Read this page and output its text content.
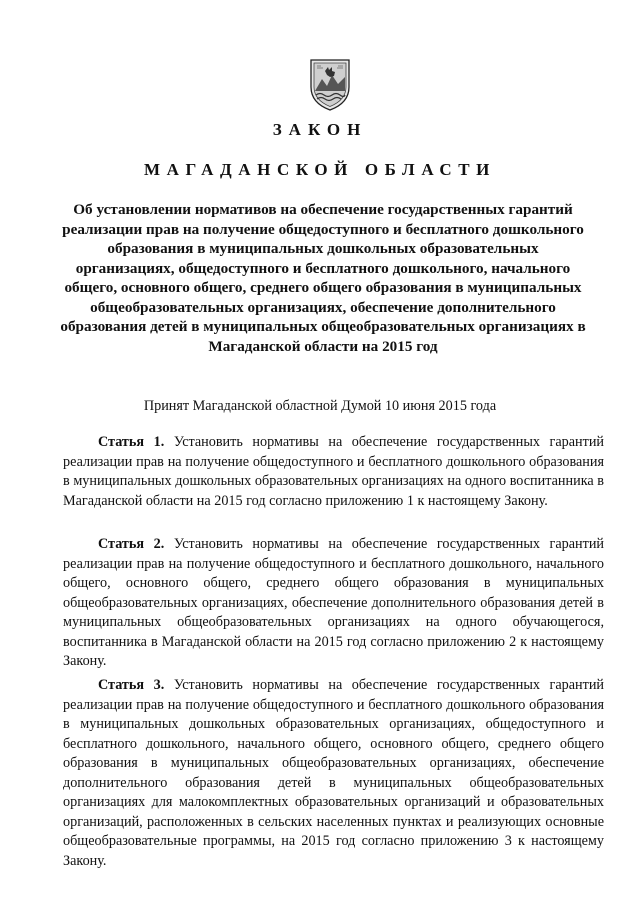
ЗАКОН
МАГАДАНСКОЙ ОБЛАСТИ
Об установлении нормативов на обеспечение государственных гарантий реализации прав на получение общедоступного и бесплатного дошкольного образования в муниципальных дошкольных образовательных организациях, общедоступного и бесплатного дошкольного, начального общего, основного общего, среднего общего образования в муниципальных общеобразовательных организациях, обеспечение дополнительного образования детей в муниципальных общеобразовательных организациях в Магаданской области на 2015 год
Принят Магаданской областной Думой 10 июня 2015 года

Статья 1. Установить нормативы на обеспечение государственных гарантий реализации прав на получение общедоступного и бесплатного дошкольного образования в муниципальных дошкольных образовательных организациях на одного воспитанника в Магаданской области на 2015 год согласно приложению 1 к настоящему Закону.

Статья 2. Установить нормативы на обеспечение государственных гарантий реализации прав на получение общедоступного и бесплатного дошкольного, начального общего, основного общего, среднего общего образования в муниципальных общеобразовательных организациях, обеспечение дополнительного образования детей в муниципальных общеобразовательных организациях на одного обучающегося, воспитанника в Магаданской области на 2015 год согласно приложению 2 к настоящему Закону.

Статья 3. Установить нормативы на обеспечение государственных гарантий реализации прав на получение общедоступного и бесплатного дошкольного образования в муниципальных дошкольных образовательных организациях, общедоступного и бесплатного дошкольного, начального общего, основного общего, среднего общего образования в муниципальных общеобразовательных организациях, обеспечение дополнительного образования детей в муниципальных общеобразовательных организациях для малокомплектных образовательных организаций и образовательных организаций, расположенных в сельских населенных пунктах и реализующих основные общеобразовательные программы, на 2015 год согласно приложению 3 к настоящему Закону.
